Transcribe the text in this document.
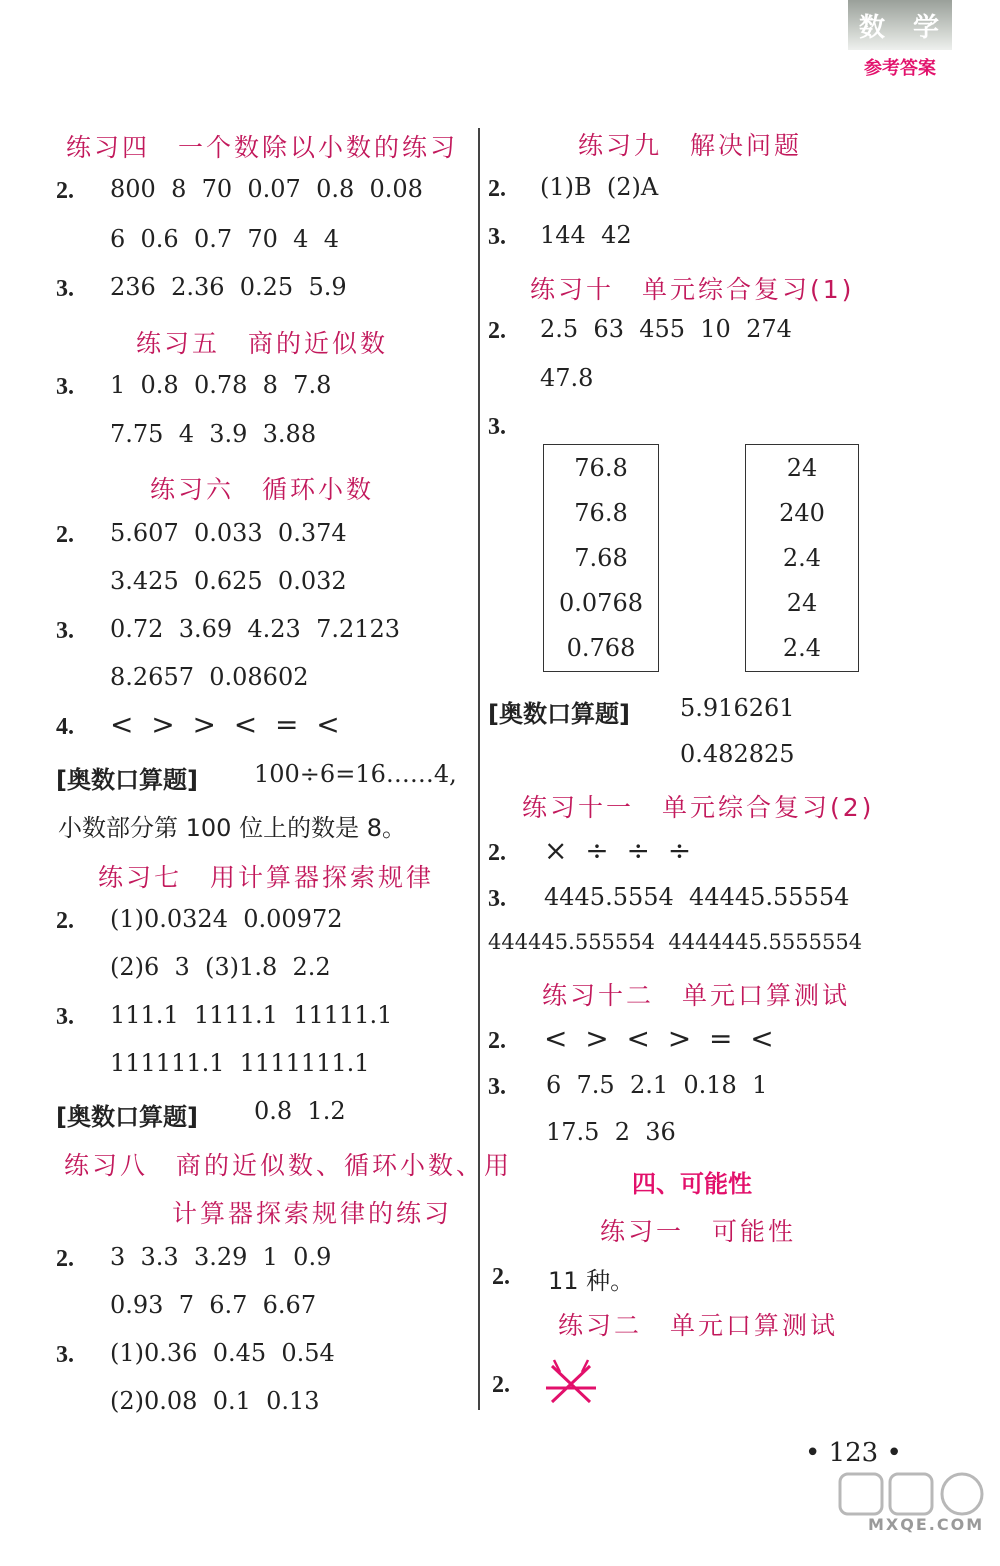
数 学
参考答案
练习四 一个数除以小数的练习
2. 800  8  70  0.07  0.8  0.08
6  0.6  0.7  70  4  4
3. 236  2.36  0.25  5.9
练习五 商的近似数
3. 1  0.8  0.78  8  7.8
7.75  4  3.9  3.88
练习六 循环小数
2. 5.607  0.033  0.374
3.425  0.625  0.032
3. 0.72  3.69  4.23  7.2123
8.2657  0.08602
4. <  >  >  <  =  <
[奥数口算题] 100÷6=16……4,
小数部分第 100 位上的数是 8。
练习七 用计算器探索规律
2. (1)0.0324  0.00972
(2)6  3  (3)1.8  2.2
3. 111.1  1111.1  11111.1
111111.1  1111111.1
[奥数口算题] 0.8  1.2
练习八 商的近似数、循环小数、用
计算器探索规律的练习
2. 3  3.3  3.29  1  0.9
0.93  7  6.7  6.67
3. (1)0.36  0.45  0.54
(2)0.08  0.1  0.13
练习九 解决问题
2. (1)B  (2)A
3. 144  42
练习十 单元综合复习(1)
2. 2.5  63  455  10  274
47.8
3.
76.8
76.8
7.68
0.0768
0.768
24
240
2.4
24
2.4
[奥数口算题] 5.916261
0.482825
练习十一 单元综合复习(2)
2. ×  ÷  ÷  ÷
3. 4445.5554  44445.55554
444445.555554  4444445.5555554
练习十二 单元口算测试
2. <  >  <  >  =  <
3. 6  7.5  2.1  0.18  1
17.5  2  36
四、可能性
练习一 可能性
2. 11 种。
练习二 单元口算测试
2.
• 123 •
MXQE.COM
